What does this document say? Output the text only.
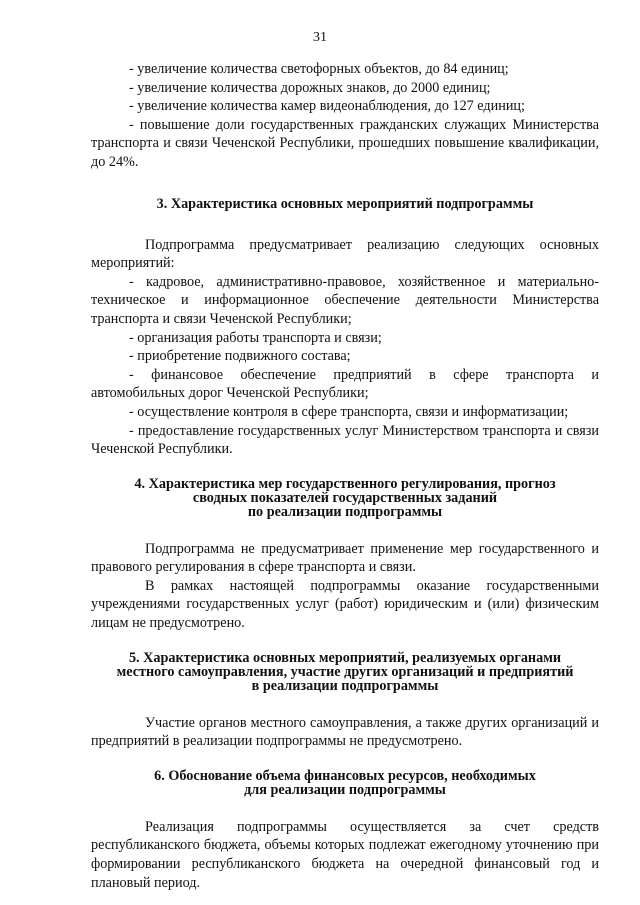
31

- увеличение количества светофорных объектов, до 84 единиц;

- увеличение количества дорожных знаков, до 2000 единиц;

- увеличение количества камер видеонаблюдения, до 127 единиц;

- повышение доли государственных гражданских служащих Министерства транспорта и связи Чеченской Республики, прошедших повышение квалификации, до 24%.

3. Характеристика основных мероприятий подпрограммы

Подпрограмма предусматривает реализацию следующих основных мероприятий:

- кадровое, административно-правовое, хозяйственное и материально-техническое и информационное обеспечение деятельности Министерства транспорта и связи Чеченской Республики;

- организация работы транспорта и связи;

- приобретение подвижного состава;

- финансовое обеспечение предприятий в сфере транспорта и автомобильных дорог Чеченской Республики;

- осуществление контроля в сфере транспорта, связи и информатизации;

- предоставление государственных услуг Министерством транспорта и связи Чеченской Республики.

4. Характеристика мер государственного регулирования, прогноз
сводных показателей государственных заданий
по реализации подпрограммы

Подпрограмма не предусматривает применение мер государственного и правового регулирования в сфере транспорта и связи.

В рамках настоящей подпрограммы оказание государственными учреждениями государственных услуг (работ) юридическим и (или) физическим лицам не предусмотрено.

5. Характеристика основных мероприятий, реализуемых органами
местного самоуправления, участие других организаций и предприятий
в реализации подпрограммы

Участие органов местного самоуправления, а также других организаций и предприятий в реализации подпрограммы не предусмотрено.

6. Обоснование объема финансовых ресурсов, необходимых
для реализации подпрограммы

Реализация подпрограммы осуществляется за счет средств республиканского бюджета, объемы которых подлежат ежегодному уточнению при формировании республиканского бюджета на очередной финансовый год и плановый период.
